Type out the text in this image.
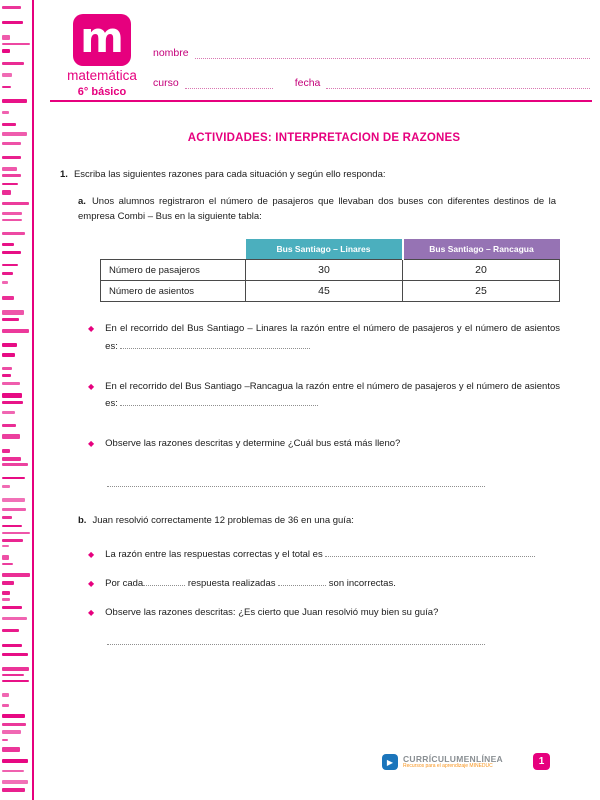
m
matemática
6° básico
nombre
curso	fecha
ACTIVIDADES: INTERPRETACION DE RAZONES
1. Escriba las siguientes razones para cada situación y según ello responda:
a. Unos alumnos registraron el número de pasajeros que llevaban dos buses con diferentes destinos de la empresa Combi – Bus en la siguiente tabla:
	Bus Santiago – Linares	Bus Santiago – Rancagua
Número de pasajeros	30	20
Número de asientos	45	25
◆ En el recorrido del Bus Santiago – Linares la razón entre el número de pasajeros y el número de asientos es:

◆ En el recorrido del Bus Santiago –Rancagua la razón entre el número de pasajeros y el número de asientos es:

◆ Observe las razones descritas y determine ¿Cuál bus está más lleno?

b. Juan resolvió correctamente 12 problemas de 36 en una guía:
◆ La razón entre las respuestas correctas y el total es

◆ Por cada	respuesta realizadas	son incorrectas.

◆ Observe las razones descritas: ¿Es cierto que Juan resolvió muy bien su guía?

▶	CURRÍCULUMENLÍNEA
Recursos para el aprendizaje MINEDUC	1
